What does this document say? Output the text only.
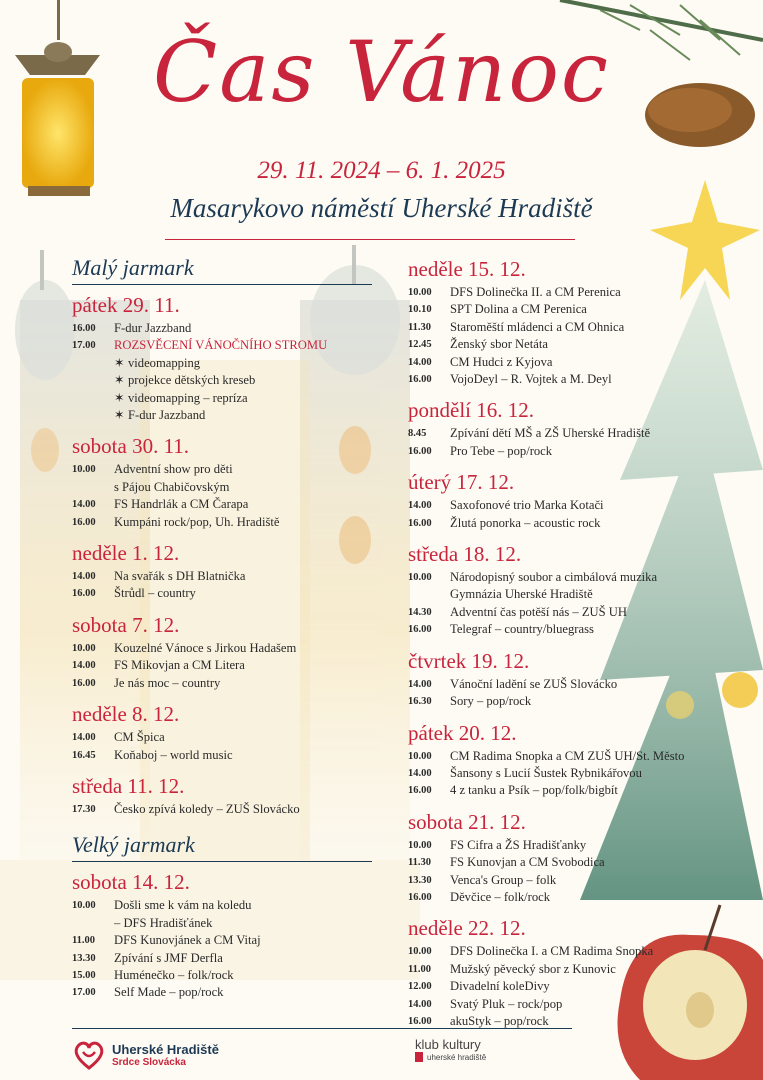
Čas Vánoc
29. 11. 2024 – 6. 1. 2025
Masarykovo náměstí Uherské Hradiště
Malý jarmark
pátek 29. 11.
16.00	F-dur Jazzband
17.00	ROZSVĚCENÍ VÁNOČNÍHO STROMU
✶ videomapping
✶ projekce dětských kreseb
✶ videomapping – repríza
✶ F-dur Jazzband
sobota 30. 11.
10.00	Adventní show pro děti
s Pájou Chabičovským
14.00	FS Handrlák a CM Čarapa
16.00	Kumpáni rock/pop, Uh. Hradiště
neděle 1. 12.
14.00	Na svařák s DH Blatnička
16.00	Štrůdl – country
sobota 7. 12.
10.00	Kouzelné Vánoce s Jirkou Hadašem
14.00	FS Mikovjan a CM Litera
16.00	Je nás moc – country
neděle 8. 12.
14.00	CM Špica
16.45	Koňaboj – world music
středa 11. 12.
17.30	Česko zpívá koledy – ZUŠ Slovácko
Velký jarmark
sobota 14. 12.
10.00	Došli sme k vám na koledu
– DFS Hradišťánek
11.00	DFS Kunovjánek a CM Vitaj
13.30	Zpívání s JMF Derfla
15.00	Huménečko – folk/rock
17.00	Self Made – pop/rock
neděle 15. 12.
10.00	DFS Dolinečka II. a CM Perenica
10.10	SPT Dolina a CM Perenica
11.30	Staroměští mládenci a CM Ohnica
12.45	Ženský sbor Netáta
14.00	CM Hudci z Kyjova
16.00	VojoDeyl – R. Vojtek a M. Deyl
pondělí 16. 12.
8.45	Zpívání dětí MŠ a ZŠ Uherské Hradiště
16.00	Pro Tebe – pop/rock
úterý 17. 12.
14.00	Saxofonové trio Marka Kotači
16.00	Žlutá ponorka – acoustic rock
středa 18. 12.
10.00	Národopisný soubor a cimbálová muzika
Gymnázia Uherské Hradiště
14.30	Adventní čas potěší nás – ZUŠ UH
16.00	Telegraf – country/bluegrass
čtvrtek 19. 12.
14.00	Vánoční ladění se ZUŠ Slovácko
16.30	Sory – pop/rock
pátek 20. 12.
10.00	CM Radima Snopka a CM ZUŠ UH/St. Město
14.00	Šansony s Lucií Šustek Rybnikářovou
16.00	4 z tanku a Psík – pop/folk/bigbít
sobota 21. 12.
10.00	FS Cifra a ŽS Hradišťanky
11.30	FS Kunovjan a CM Svobodica
13.30	Venca's Group – folk
16.00	Děvčice – folk/rock
neděle 22. 12.
10.00	DFS Dolinečka I. a CM Radima Snopka
11.00	Mužský pěvecký sbor z Kunovic
12.00	Divadelní koleDivy
14.00	Svatý Pluk – rock/pop
16.00	akuStyk – pop/rock
Uherské Hradiště
Srdce Slovácka
klub kultury
uherské hradiště
